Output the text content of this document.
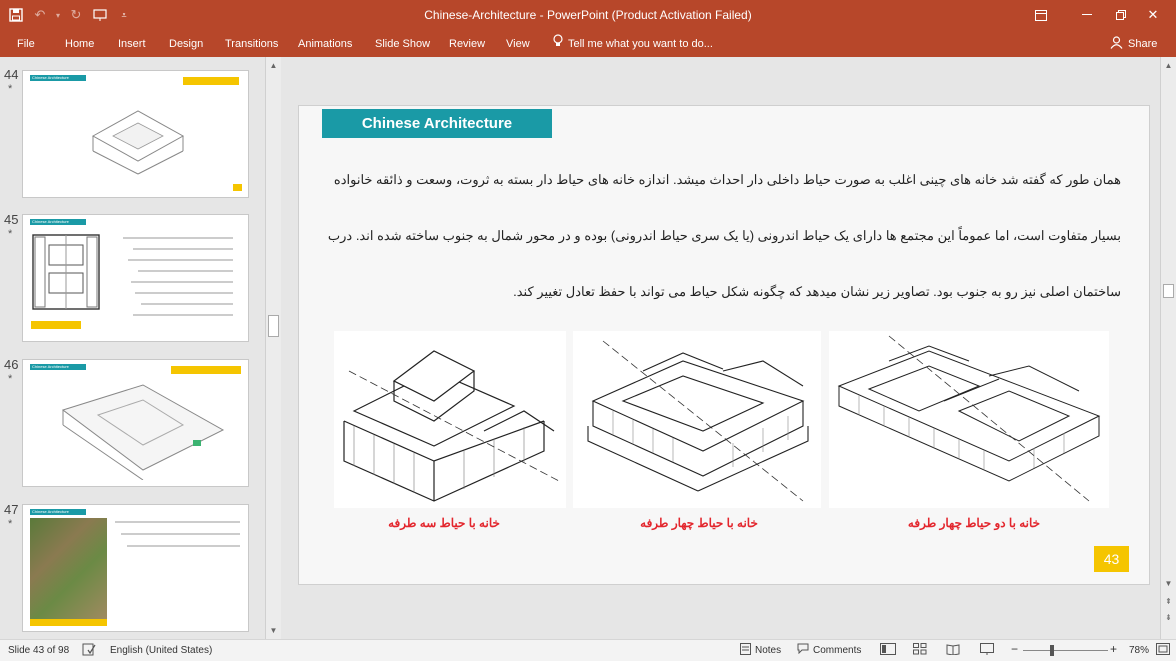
↶	▾ ↻	⩡	Chinese-Architecture - PowerPoint (Product Activation Failed)	✕
File	Home Insert Design Transitions Animations Slide Show Review View	Tell me what you want to do...	Share
44
*
Chinese Architecture
45
*
Chinese Architecture
46
*
Chinese Architecture
47
*
Chinese Architecture
▲
▼
Chinese Architecture
همان طور که گفته شد خانه های چینی اغلب به صورت حیاط داخلی دار احداث میشد. اندازه خانه های حیاط دار بسته به ثروت، وسعت و ذائقه خانواده
بسیار متفاوت است، اما عموماً این مجتمع ها دارای یک حیاط اندرونی (یا یک سری حیاط اندرونی) بوده و در محور شمال به جنوب ساخته شده اند. درب
ساختمان اصلی نیز رو به جنوب بود. تصاویر زیر نشان میدهد که چگونه شکل حیاط می تواند با حفظ تعادل تغییر کند.
خانه با حیاط سه طرفه	خانه با حیاط چهار طرفه	خانه با دو حیاط چهار طرفه
43
▲
▼
⇞
⇟
Slide 43 of 98	English (United States)	Notes	Comments	−	+ 78%
